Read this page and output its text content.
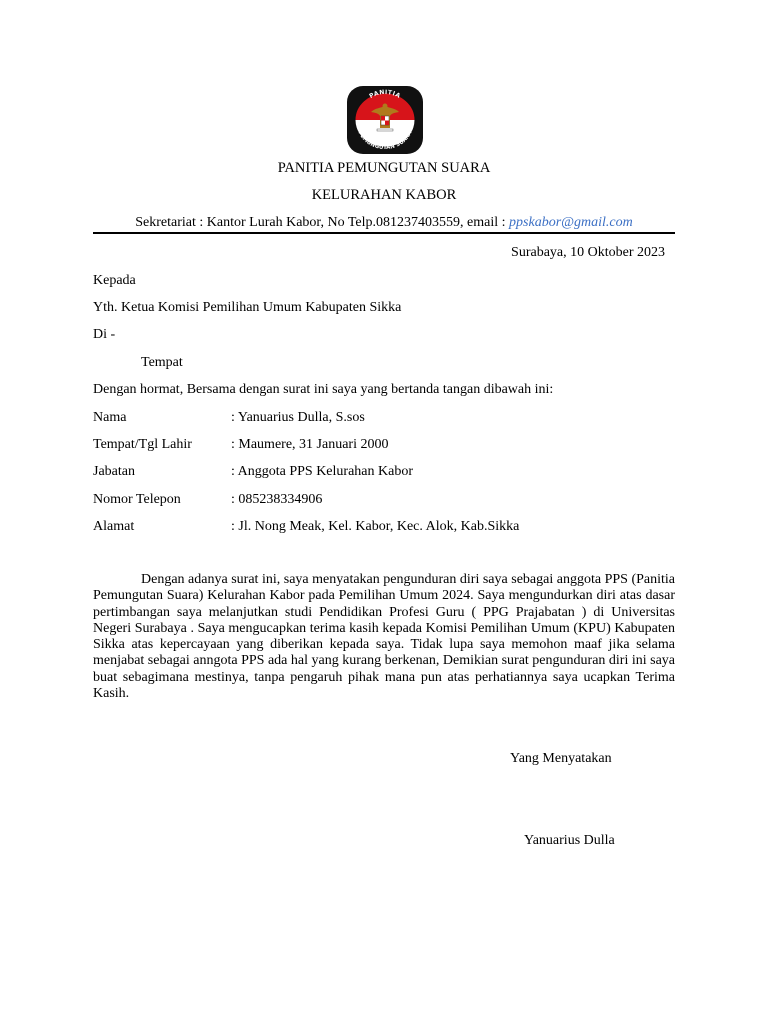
PANITIA
PEMUNGUTAN SUARA
PANITIA PEMUNGUTAN SUARA
KELURAHAN KABOR
Sekretariat : Kantor Lurah Kabor, No Telp.081237403559, email : ppskabor@gmail.com
Surabaya, 10 Oktober 2023
Kepada
Yth. Ketua Komisi Pemilihan Umum Kabupaten Sikka
Di -
Tempat
Dengan hormat, Bersama dengan surat ini saya yang bertanda tangan dibawah ini:
Nama	: Yanuarius Dulla, S.sos
Tempat/Tgl Lahir	: Maumere, 31 Januari 2000
Jabatan	: Anggota PPS Kelurahan Kabor
Nomor Telepon	: 085238334906
Alamat	: Jl. Nong Meak, Kel. Kabor, Kec. Alok, Kab.Sikka
Dengan adanya surat ini, saya menyatakan pengunduran diri saya sebagai anggota PPS (Panitia Pemungutan Suara) Kelurahan Kabor pada Pemilihan Umum 2024. Saya mengundurkan diri atas dasar pertimbangan saya melanjutkan studi Pendidikan Profesi Guru ( PPG Prajabatan ) di Universitas Negeri Surabaya . Saya mengucapkan terima kasih kepada Komisi Pemilihan Umum (KPU) Kabupaten Sikka atas kepercayaan yang diberikan kepada saya. Tidak lupa saya memohon maaf jika selama menjabat sebagai anngota PPS ada hal yang kurang berkenan, Demikian surat pengunduran diri ini saya buat sebagimana mestinya, tanpa pengaruh pihak mana pun atas perhatiannya saya ucapkan Terima Kasih.
Yang Menyatakan
Yanuarius Dulla
